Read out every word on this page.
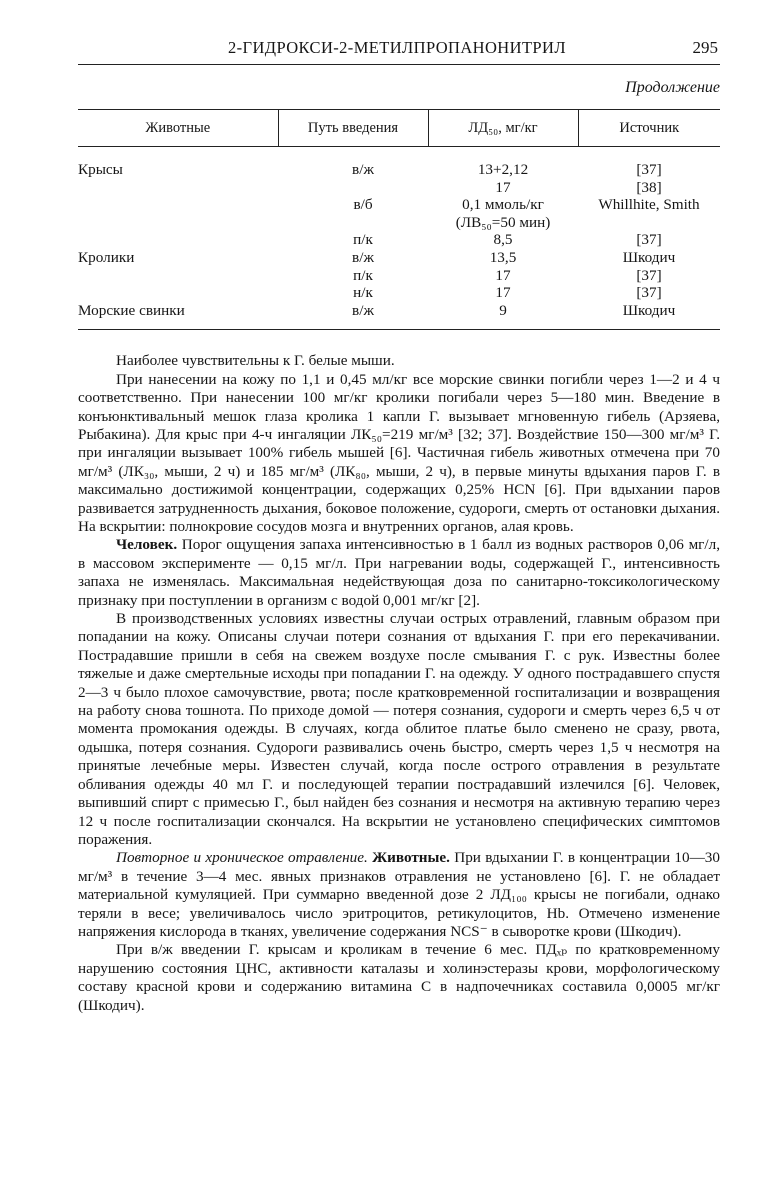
2-ГИДРОКСИ-2-МЕТИЛПРОПАНОНИТРИЛ	295
Продолжение
Животные	Путь введения	ЛД₅₀, мг/кг	Источник
Крысы	в/ж	13+2,12	[37]
		17	[38]
	в/б	0,1 ммоль/кг	Whillhite, Smith
		(ЛВ₅₀=50 мин)	
	п/к	8,5	[37]
Кролики	в/ж	13,5	Шкодич
	п/к	17	[37]
	н/к	17	[37]
Морские свинки	в/ж	9	Шкодич

Наиболее чувствительны к Г. белые мыши.

При нанесении на кожу по 1,1 и 0,45 мл/кг все морские свинки погибли через 1—2 и 4 ч соответственно. При нанесении 100 мг/кг кролики погибали через 5—180 мин. Введение в конъюнктивальный мешок глаза кролика 1 капли Г. вызывает мгновенную гибель (Арзяева, Рыбакина). Для крыс при 4-ч ингаляции ЛК₅₀=219 мг/м³ [32; 37]. Воздействие 150—300 мг/м³ Г. при ингаляции вызывает 100% гибель мышей [6]. Частичная гибель животных отмечена при 70 мг/м³ (ЛК₃₀, мыши, 2 ч) и 185 мг/м³ (ЛК₈₀, мыши, 2 ч), в первые минуты вдыхания паров Г. в максимально достижимой концентрации, содержащих 0,25% HCN [6]. При вдыхании паров развивается затрудненность дыхания, боковое положение, судороги, смерть от остановки дыхания. На вскрытии: полнокровие сосудов мозга и внутренних органов, алая кровь.

Человек. Порог ощущения запаха интенсивностью в 1 балл из водных растворов 0,06 мг/л, в массовом эксперименте — 0,15 мг/л. При нагревании воды, содержащей Г., интенсивность запаха не изменялась. Максимальная недействующая доза по санитарно-токсикологическому признаку при поступлении в организм с водой 0,001 мг/кг [2].

В производственных условиях известны случаи острых отравлений, главным образом при попадании на кожу. Описаны случаи потери сознания от вдыхания Г. при его перекачивании. Пострадавшие пришли в себя на свежем воздухе после смывания Г. с рук. Известны более тяжелые и даже смертельные исходы при попадании Г. на одежду. У одного пострадавшего спустя 2—3 ч было плохое самочувствие, рвота; после кратковременной госпитализации и возвращения на работу снова тошнота. По приходе домой — потеря сознания, судороги и смерть через 6,5 ч от момента промокания одежды. В случаях, когда облитое платье было сменено не сразу, рвота, одышка, потеря сознания. Судороги развивались очень быстро, смерть через 1,5 ч несмотря на принятые лечебные меры. Известен случай, когда после острого отравления в результате обливания одежды 40 мл Г. и последующей терапии пострадавший излечился [6]. Человек, выпивший спирт с примесью Г., был найден без сознания и несмотря на активную терапию через 12 ч после госпитализации скончался. На вскрытии не установлено специфических симптомов поражения.

Повторное и хроническое отравление. Животные. При вдыхании Г. в концентрации 10—30 мг/м³ в течение 3—4 мес. явных признаков отравления не установлено [6]. Г. не обладает материальной кумуляцией. При суммарно введенной дозе 2 ЛД₁₀₀ крысы не погибали, однако теряли в весе; увеличивалось число эритроцитов, ретикулоцитов, Hb. Отмечено изменение напряжения кислорода в тканях, увеличение содержания NCS⁻ в сыворотке крови (Шкодич).

При в/ж введении Г. крысам и кроликам в течение 6 мес. ПДₓₚ по кратковременному нарушению состояния ЦНС, активности каталазы и холинэстеразы крови, морфологическому составу красной крови и содержанию витамина С в надпочечниках составила 0,0005 мг/кг (Шкодич).
